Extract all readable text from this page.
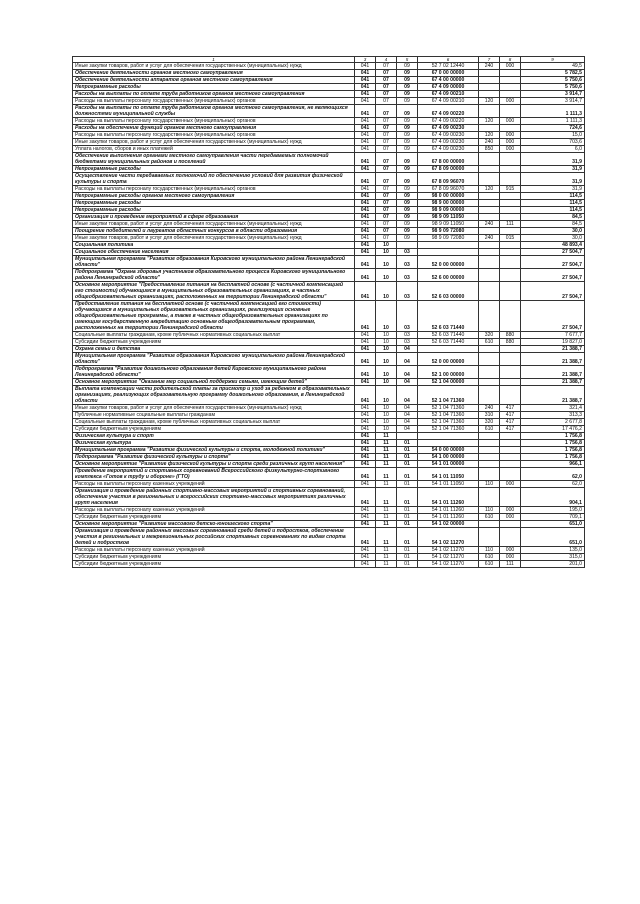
1	3	4	5	6	7	8	9
Иные закупки товаров, работ и услуг для обеспечения государственных (муниципальных) нужд	041	07	09	52 7 02 12440	240	000	49,5
Обеспечение деятельности органов местного самоуправления	041	07	09	67 0 00 00000			5 782,5
Обеспечение деятельности аппаратов органов местного самоуправления	041	07	09	67 4 00 00000			5 750,6
Непрограммные расходы	041	07	09	67 4 09 00000			5 750,6
Расходы на выплаты по оплате труда работников органов местного самоуправления	041	07	09	67 4 09 00210			3 914,7
Расходы на выплаты персоналу государственных (муниципальных) органов	041	07	09	67 4 09 00210	120	000	3 914,7
Расходы на выплаты по оплате труда работников органов местного самоуправления, не являющихся должностями муниципальной службы	041	07	09	67 4 09 00220			1 111,3
Расходы на выплаты персоналу государственных (муниципальных) органов	041	07	09	67 4 09 00220	120	000	1 111,3
Расходы на обеспечение функций органов местного самоуправления	041	07	09	67 4 09 00230			724,6
Расходы на выплаты персоналу государственных (муниципальных) органов	041	07	09	67 4 09 00230	120	000	15,0
Иные закупки товаров, работ и услуг для обеспечения государственных (муниципальных) нужд	041	07	09	67 4 09 00230	240	000	703,6
Уплата налогов, сборов и иных платежей	041	07	09	67 4 09 00230	850	000	6,0
Обеспечение выполнения органами местного самоуправления части передаваемых полномочий бюджетами муниципальных районов и поселений	041	07	09	67 8 00 00000			31,9
Непрограммные расходы	041	07	09	67 8 09 00000			31,9
Осуществление части передаваемых полномочий по обеспечению условий для развития физической культуры и спорта	041	07	09	67 8 09 96070			31,9
Расходы на выплаты персоналу государственных (муниципальных) органов	041	07	09	67 8 09 96070	120	915	31,9
Непрограммные расходы органов местного самоуправления	041	07	09	98 0 00 00000			114,5
Непрограммные расходы	041	07	09	98 9 00 00000			114,5
Непрограммные расходы	041	07	09	98 9 09 00000			114,5
Организация и проведение мероприятий в сфере образования	041	07	09	98 9 09 11050			84,5
Иные закупки товаров, работ и услуг для обеспечения государственных (муниципальных) нужд	041	07	09	98 9 09 11050	240	111	84,5
Поощрение победителей и лауреатов областных конкурсов в области образования	041	07	09	98 9 09 72080			30,0
Иные закупки товаров, работ и услуг для обеспечения государственных (муниципальных) нужд	041	07	09	98 9 09 72080	240	015	30,0
Социальная политика	041	10					48 893,4
Социальное обеспечение населения	041	10	03				27 504,7
Муниципальная программа "Развитие образования Кировского муниципального района Ленинградской области"	041	10	03	52 0 00 00000			27 504,7
Подпрограмма "Охрана здоровья участников образовательного процесса Кировского муниципального района Ленинградской области"	041	10	03	52 6 00 00000			27 504,7
Основное мероприятие "Предоставление питания на бесплатной основе (с частичной компенсацией его стоимости) обучающимся в муниципальных образовательных организациях, в частных общеобразовательных организациях, расположенных на территории Ленинградской области"	041	10	03	52 6 03 00000			27 504,7
Предоставление питания на бесплатной основе (с частичной компенсацией его стоимости) обучающимся в муниципальных образовательных организациях, реализующих основные общеобразовательные программы, а также в частных общеобразовательных организациях по имеющим государственную аккредитацию основным общеобразовательным программам, расположенных на территории Ленинградской области	041	10	03	52 6 03 71440			27 504,7
Социальные выплаты гражданам, кроме публичных нормативных социальных выплат	041	10	03	52 6 03 71440	320	880	7 677,7
Субсидии бюджетным учреждениям	041	10	03	52 6 03 71440	610	880	19 827,0
Охрана семьи и детства	041	10	04				21 388,7
Муниципальная программа "Развитие образования Кировского муниципального района Ленинградской области"	041	10	04	52 0 00 00000			21 388,7
Подпрограмма "Развитие дошкольного образования детей Кировского муниципального района Ленинградской области"	041	10	04	52 1 00 00000			21 388,7
Основное мероприятие "Оказание мер социальной поддержки семьям, имеющим детей"	041	10	04	52 1 04 00000			21 388,7
Выплата компенсации части родительской платы за присмотр и уход за ребенком в образовательных организациях, реализующих образовательную программу дошкольного образования, в Ленинградской области	041	10	04	52 1 04 71360			21 388,7
Иные закупки товаров, работ и услуг для обеспечения государственных (муниципальных) нужд	041	10	04	52 1 04 71360	240	417	321,4
Публичные нормативные социальные выплаты гражданам	041	10	04	52 1 04 71360	310	417	313,3
Социальные выплаты гражданам, кроме публичных нормативных социальных выплат	041	10	04	52 1 04 71360	320	417	2 677,8
Субсидии бюджетным учреждениям	041	10	04	52 1 04 71360	610	417	17 476,2
Физическая культура и спорт	041	11					1 756,8
Физическая культура	041	11	01				1 756,8
Муниципальная программа "Развитие физической культуры и спорта, молодежной политики"	041	11	01	54 0 00 00000			1 756,8
Подпрограмма "Развитие физической культуры и спорта"	041	11	01	54 1 00 00000			1 756,8
Основное мероприятие "Развитие физической культуры и спорта среди различных групп населения"	041	11	01	54 1 01 00000			966,1
Проведение мероприятий и спортивных соревнований Всероссийского физкультурно-спортивного комплекса «Готов к труду и обороне» (ГТО)	041	11	01	54 1 01 11050			62,0
Расходы на выплаты персоналу казенных учреждений	041	11	01	54 1 01 11050	110	000	62,0
Организация и проведение районных спортивно-массовых мероприятий и спортивных соревнований, обеспечение участия в региональных и всероссийских спортивно-массовых мероприятиях различных групп населения	041	11	01	54 1 01 11260			904,1
Расходы на выплаты персоналу казенных учреждений	041	11	01	54 1 01 11260	110	000	195,0
Субсидии бюджетным учреждениям	041	11	01	54 1 01 11260	610	000	709,1
Основное мероприятие "Развитие массового детско-юношеского спорта"	041	11	01	54 1 02 00000			651,0
Организация и проведение районных массовых соревнований среди детей и подростков, обеспечение участия в региональных и межрегиональных российских спортивных соревнованиях по видам спорта детей и подростков	041	11	01	54 1 02 11270			651,0
Расходы на выплаты персоналу казенных учреждений	041	11	01	54 1 02 11270	110	000	135,0
Субсидии бюджетным учреждениям	041	11	01	54 1 02 11270	610	000	315,0
Субсидии бюджетным учреждениям	041	11	01	54 1 02 11270	610	111	201,0
